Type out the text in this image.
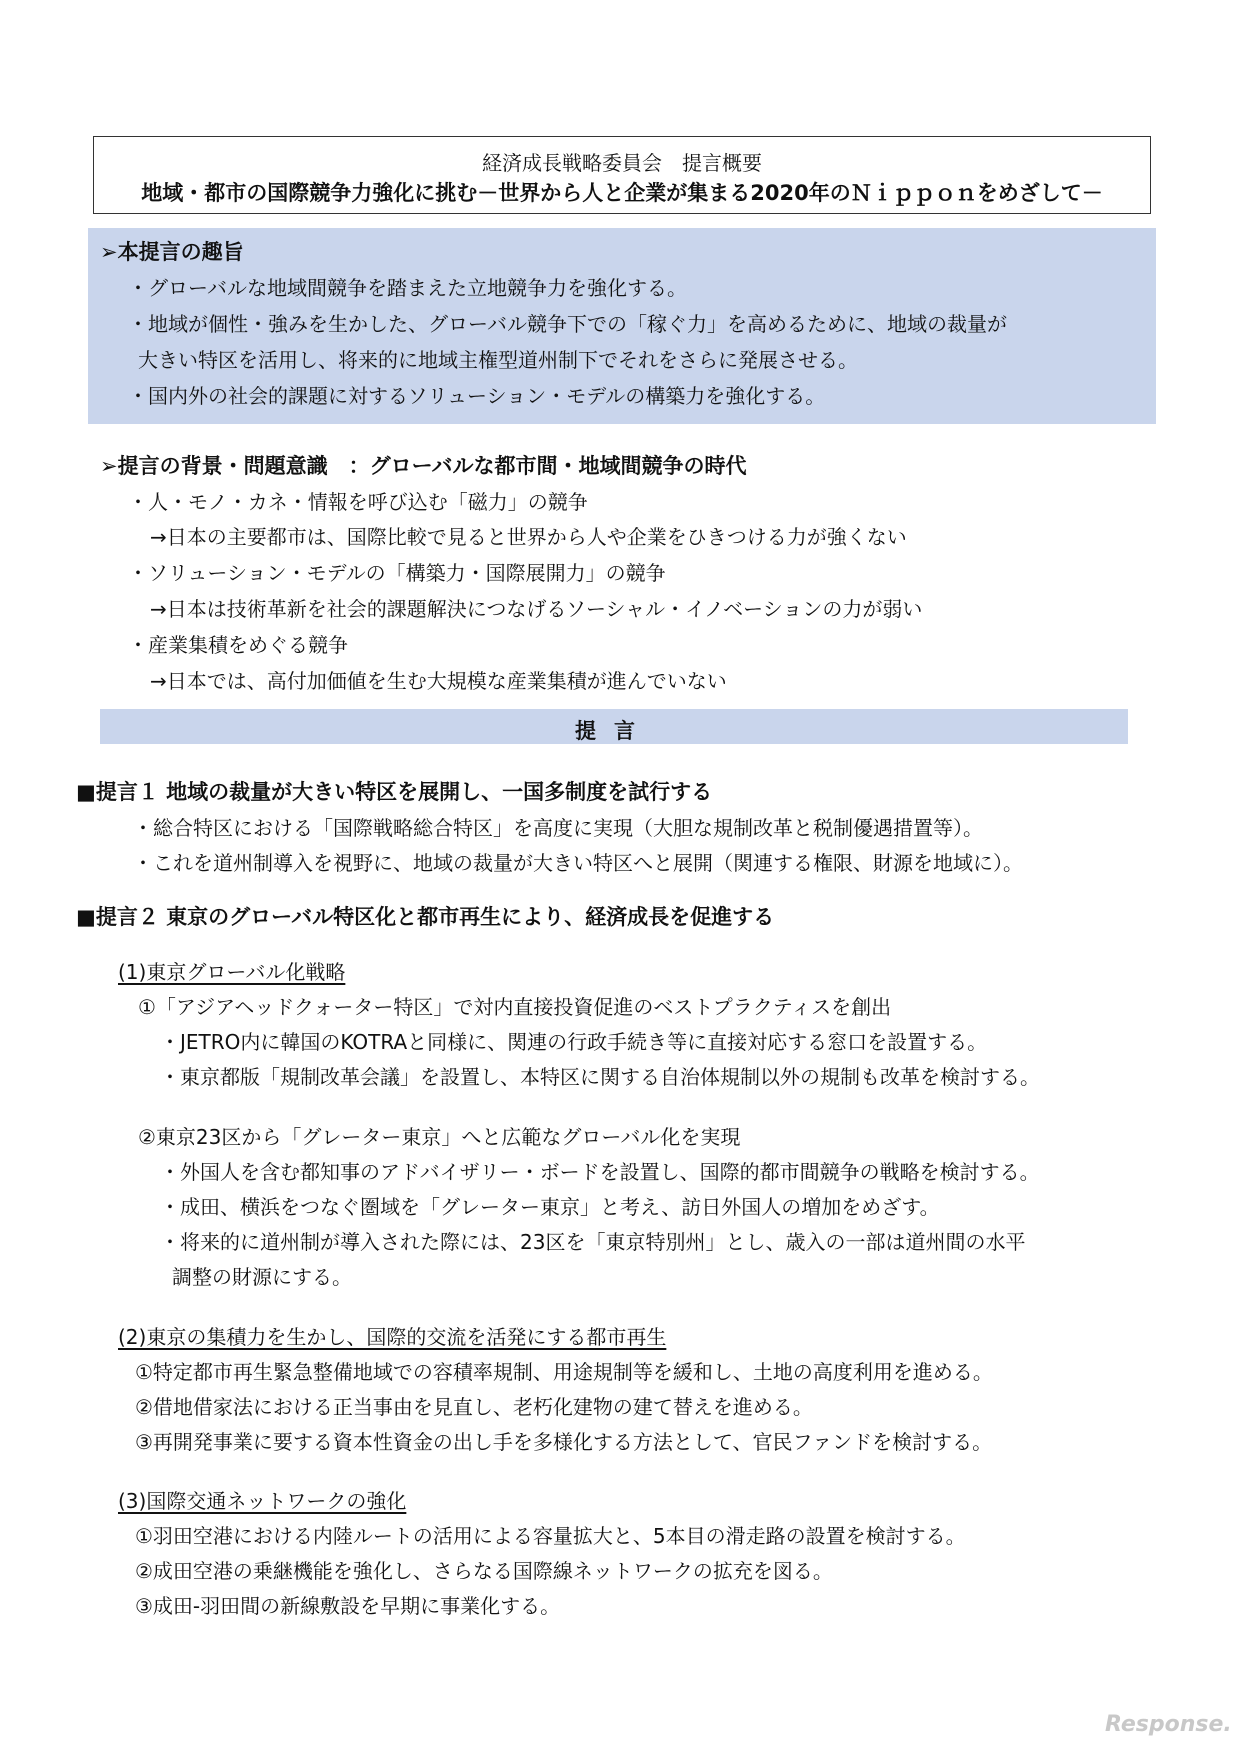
経済成長戦略委員会　提言概要
地域・都市の国際競争力強化に挑む－世界から人と企業が集まる2020年のＮｉｐｐｏｎをめざして－
➢本提言の趣旨
・グローバルな地域間競争を踏まえた立地競争力を強化する。
・地域が個性・強みを生かした、グローバル競争下での「稼ぐ力」を高めるために、地域の裁量が
大きい特区を活用し、将来的に地域主権型道州制下でそれをさらに発展させる。
・国内外の社会的課題に対するソリューション・モデルの構築力を強化する。
➢提言の背景・問題意識　：グローバルな都市間・地域間競争の時代
・人・モノ・カネ・情報を呼び込む「磁力」の競争
→日本の主要都市は、国際比較で見ると世界から人や企業をひきつける力が強くない
・ソリューション・モデルの「構築力・国際展開力」の競争
→日本は技術革新を社会的課題解決につなげるソーシャル・イノベーションの力が弱い
・産業集積をめぐる競争
→日本では、高付加価値を生む大規模な産業集積が進んでいない
提言
■提言１ 地域の裁量が大きい特区を展開し、一国多制度を試行する
・総合特区における「国際戦略総合特区」を高度に実現（大胆な規制改革と税制優遇措置等）。
・これを道州制導入を視野に、地域の裁量が大きい特区へと展開（関連する権限、財源を地域に）。
■提言２ 東京のグローバル特区化と都市再生により、経済成長を促進する
(1)東京グローバル化戦略
①「アジアヘッドクォーター特区」で対内直接投資促進のベストプラクティスを創出
・JETRO内に韓国のKOTRAと同様に、関連の行政手続き等に直接対応する窓口を設置する。
・東京都版「規制改革会議」を設置し、本特区に関する自治体規制以外の規制も改革を検討する。
②東京23区から「グレーター東京」へと広範なグローバル化を実現
・外国人を含む都知事のアドバイザリー・ボードを設置し、国際的都市間競争の戦略を検討する。
・成田、横浜をつなぐ圏域を「グレーター東京」と考え、訪日外国人の増加をめざす。
・将来的に道州制が導入された際には、23区を「東京特別州」とし、歳入の一部は道州間の水平
調整の財源にする。
(2)東京の集積力を生かし、国際的交流を活発にする都市再生
①特定都市再生緊急整備地域での容積率規制、用途規制等を緩和し、土地の高度利用を進める。
②借地借家法における正当事由を見直し、老朽化建物の建て替えを進める。
③再開発事業に要する資本性資金の出し手を多様化する方法として、官民ファンドを検討する。
(3)国際交通ネットワークの強化
①羽田空港における内陸ルートの活用による容量拡大と、5本目の滑走路の設置を検討する。
②成田空港の乗継機能を強化し、さらなる国際線ネットワークの拡充を図る。
③成田-羽田間の新線敷設を早期に事業化する。
Response.
